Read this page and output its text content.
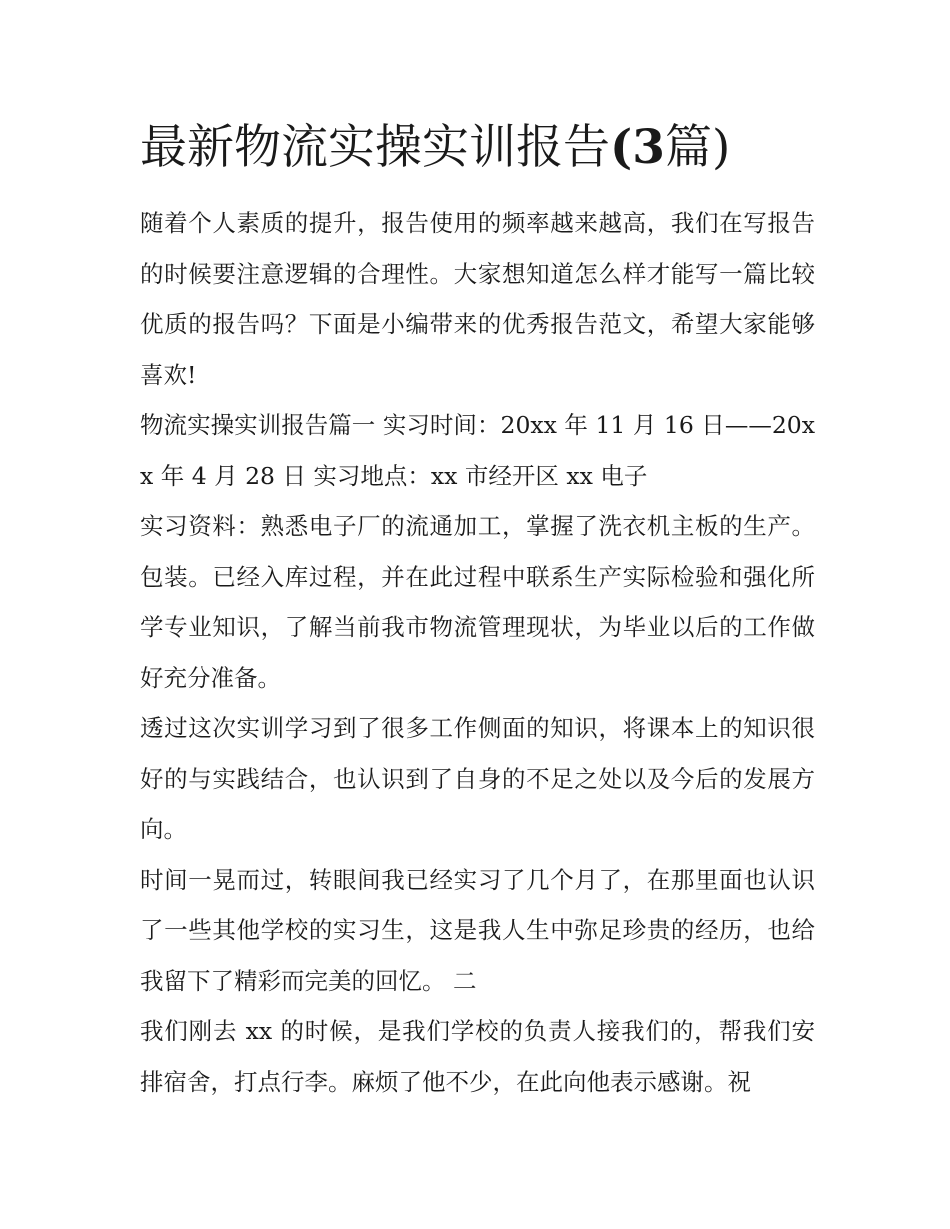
最新物流实操实训报告(3篇)

随着个人素质的提升，报告使用的频率越来越高，我们在写报告的时候要注意逻辑的合理性。大家想知道怎么样才能写一篇比较优质的报告吗？下面是小编带来的优秀报告范文，希望大家能够喜欢!

物流实操实训报告篇一 实习时间：20xx 年 11 月 16 日——20xx 年 4 月 28 日 实习地点：xx 市经开区 xx 电子

实习资料：熟悉电子厂的流通加工，掌握了洗衣机主板的生产。包装。已经入库过程，并在此过程中联系生产实际检验和强化所学专业知识，了解当前我市物流管理现状，为毕业以后的工作做好充分准备。

透过这次实训学习到了很多工作侧面的知识，将课本上的知识很好的与实践结合，也认识到了自身的不足之处以及今后的发展方向。

时间一晃而过，转眼间我已经实习了几个月了，在那里面也认识了一些其他学校的实习生，这是我人生中弥足珍贵的经历，也给我留下了精彩而完美的回忆。 二

我们刚去 xx 的时候，是我们学校的负责人接我们的，帮我们安排宿舍，打点行李。麻烦了他不少，在此向他表示感谢。祝
